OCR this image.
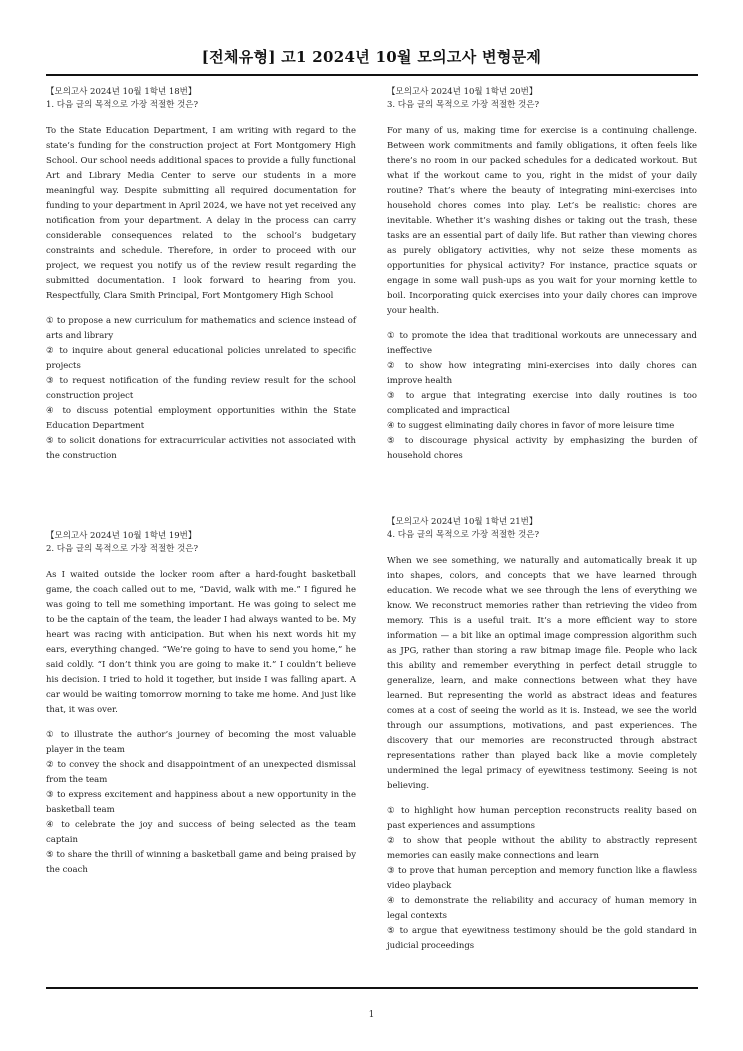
[전체유형] 고1 2024년 10월 모의고사 변형문제
【모의고사 2024년 10월 1학년 18번】
1. 다음 글의 목적으로 가장 적절한 것은?
To the State Education Department, I am writing with regard to the state’s funding for the construction project at Fort Montgomery High School. Our school needs additional spaces to provide a fully functional Art and Library Media Center to serve our students in a more meaningful way. Despite submitting all required documentation for funding to your department in April 2024, we have not yet received any notification from your department. A delay in the process can carry considerable consequences related to the school’s budgetary constraints and schedule. Therefore, in order to proceed with our project, we request you notify us of the review result regarding the submitted documentation. I look forward to hearing from you. Respectfully, Clara Smith Principal, Fort Montgomery High School
① to propose a new curriculum for mathematics and science instead of arts and library
② to inquire about general educational policies unrelated to specific projects
③ to request notification of the funding review result for the school construction project
④ to discuss potential employment opportunities within the State Education Department
⑤ to solicit donations for extracurricular activities not associated with the construction
【모의고사 2024년 10월 1학년 19번】
2. 다음 글의 목적으로 가장 적절한 것은?
As I waited outside the locker room after a hard-fought basketball game, the coach called out to me, “David, walk with me.” I figured he was going to tell me something important. He was going to select me to be the captain of the team, the leader I had always wanted to be. My heart was racing with anticipation. But when his next words hit my ears, everything changed. “We’re going to have to send you home,” he said coldly. “I don’t think you are going to make it.” I couldn’t believe his decision. I tried to hold it together, but inside I was falling apart. A car would be waiting tomorrow morning to take me home. And just like that, it was over.
① to illustrate the author’s journey of becoming the most valuable player in the team
② to convey the shock and disappointment of an unexpected dismissal from the team
③ to express excitement and happiness about a new opportunity in the basketball team
④ to celebrate the joy and success of being selected as the team captain
⑤ to share the thrill of winning a basketball game and being praised by the coach
【모의고사 2024년 10월 1학년 20번】
3. 다음 글의 목적으로 가장 적절한 것은?
For many of us, making time for exercise is a continuing challenge. Between work commitments and family obligations, it often feels like there’s no room in our packed schedules for a dedicated workout. But what if the workout came to you, right in the midst of your daily routine? That’s where the beauty of integrating mini-exercises into household chores comes into play. Let’s be realistic: chores are inevitable. Whether it’s washing dishes or taking out the trash, these tasks are an essential part of daily life. But rather than viewing chores as purely obligatory activities, why not seize these moments as opportunities for physical activity? For instance, practice squats or engage in some wall push-ups as you wait for your morning kettle to boil. Incorporating quick exercises into your daily chores can improve your health.
① to promote the idea that traditional workouts are unnecessary and ineffective
② to show how integrating mini-exercises into daily chores can improve health
③ to argue that integrating exercise into daily routines is too complicated and impractical
④ to suggest eliminating daily chores in favor of more leisure time
⑤ to discourage physical activity by emphasizing the burden of household chores
【모의고사 2024년 10월 1학년 21번】
4. 다음 글의 목적으로 가장 적절한 것은?
When we see something, we naturally and automatically break it up into shapes, colors, and concepts that we have learned through education. We recode what we see through the lens of everything we know. We reconstruct memories rather than retrieving the video from memory. This is a useful trait. It’s a more efficient way to store information — a bit like an optimal image compression algorithm such as JPG, rather than storing a raw bitmap image file. People who lack this ability and remember everything in perfect detail struggle to generalize, learn, and make connections between what they have learned. But representing the world as abstract ideas and features comes at a cost of seeing the world as it is. Instead, we see the world through our assumptions, motivations, and past experiences. The discovery that our memories are reconstructed through abstract representations rather than played back like a movie completely undermined the legal primacy of eyewitness testimony. Seeing is not believing.
① to highlight how human perception reconstructs reality based on past experiences and assumptions
② to show that people without the ability to abstractly represent memories can easily make connections and learn
③ to prove that human perception and memory function like a flawless video playback
④ to demonstrate the reliability and accuracy of human memory in legal contexts
⑤ to argue that eyewitness testimony should be the gold standard in judicial proceedings
1
